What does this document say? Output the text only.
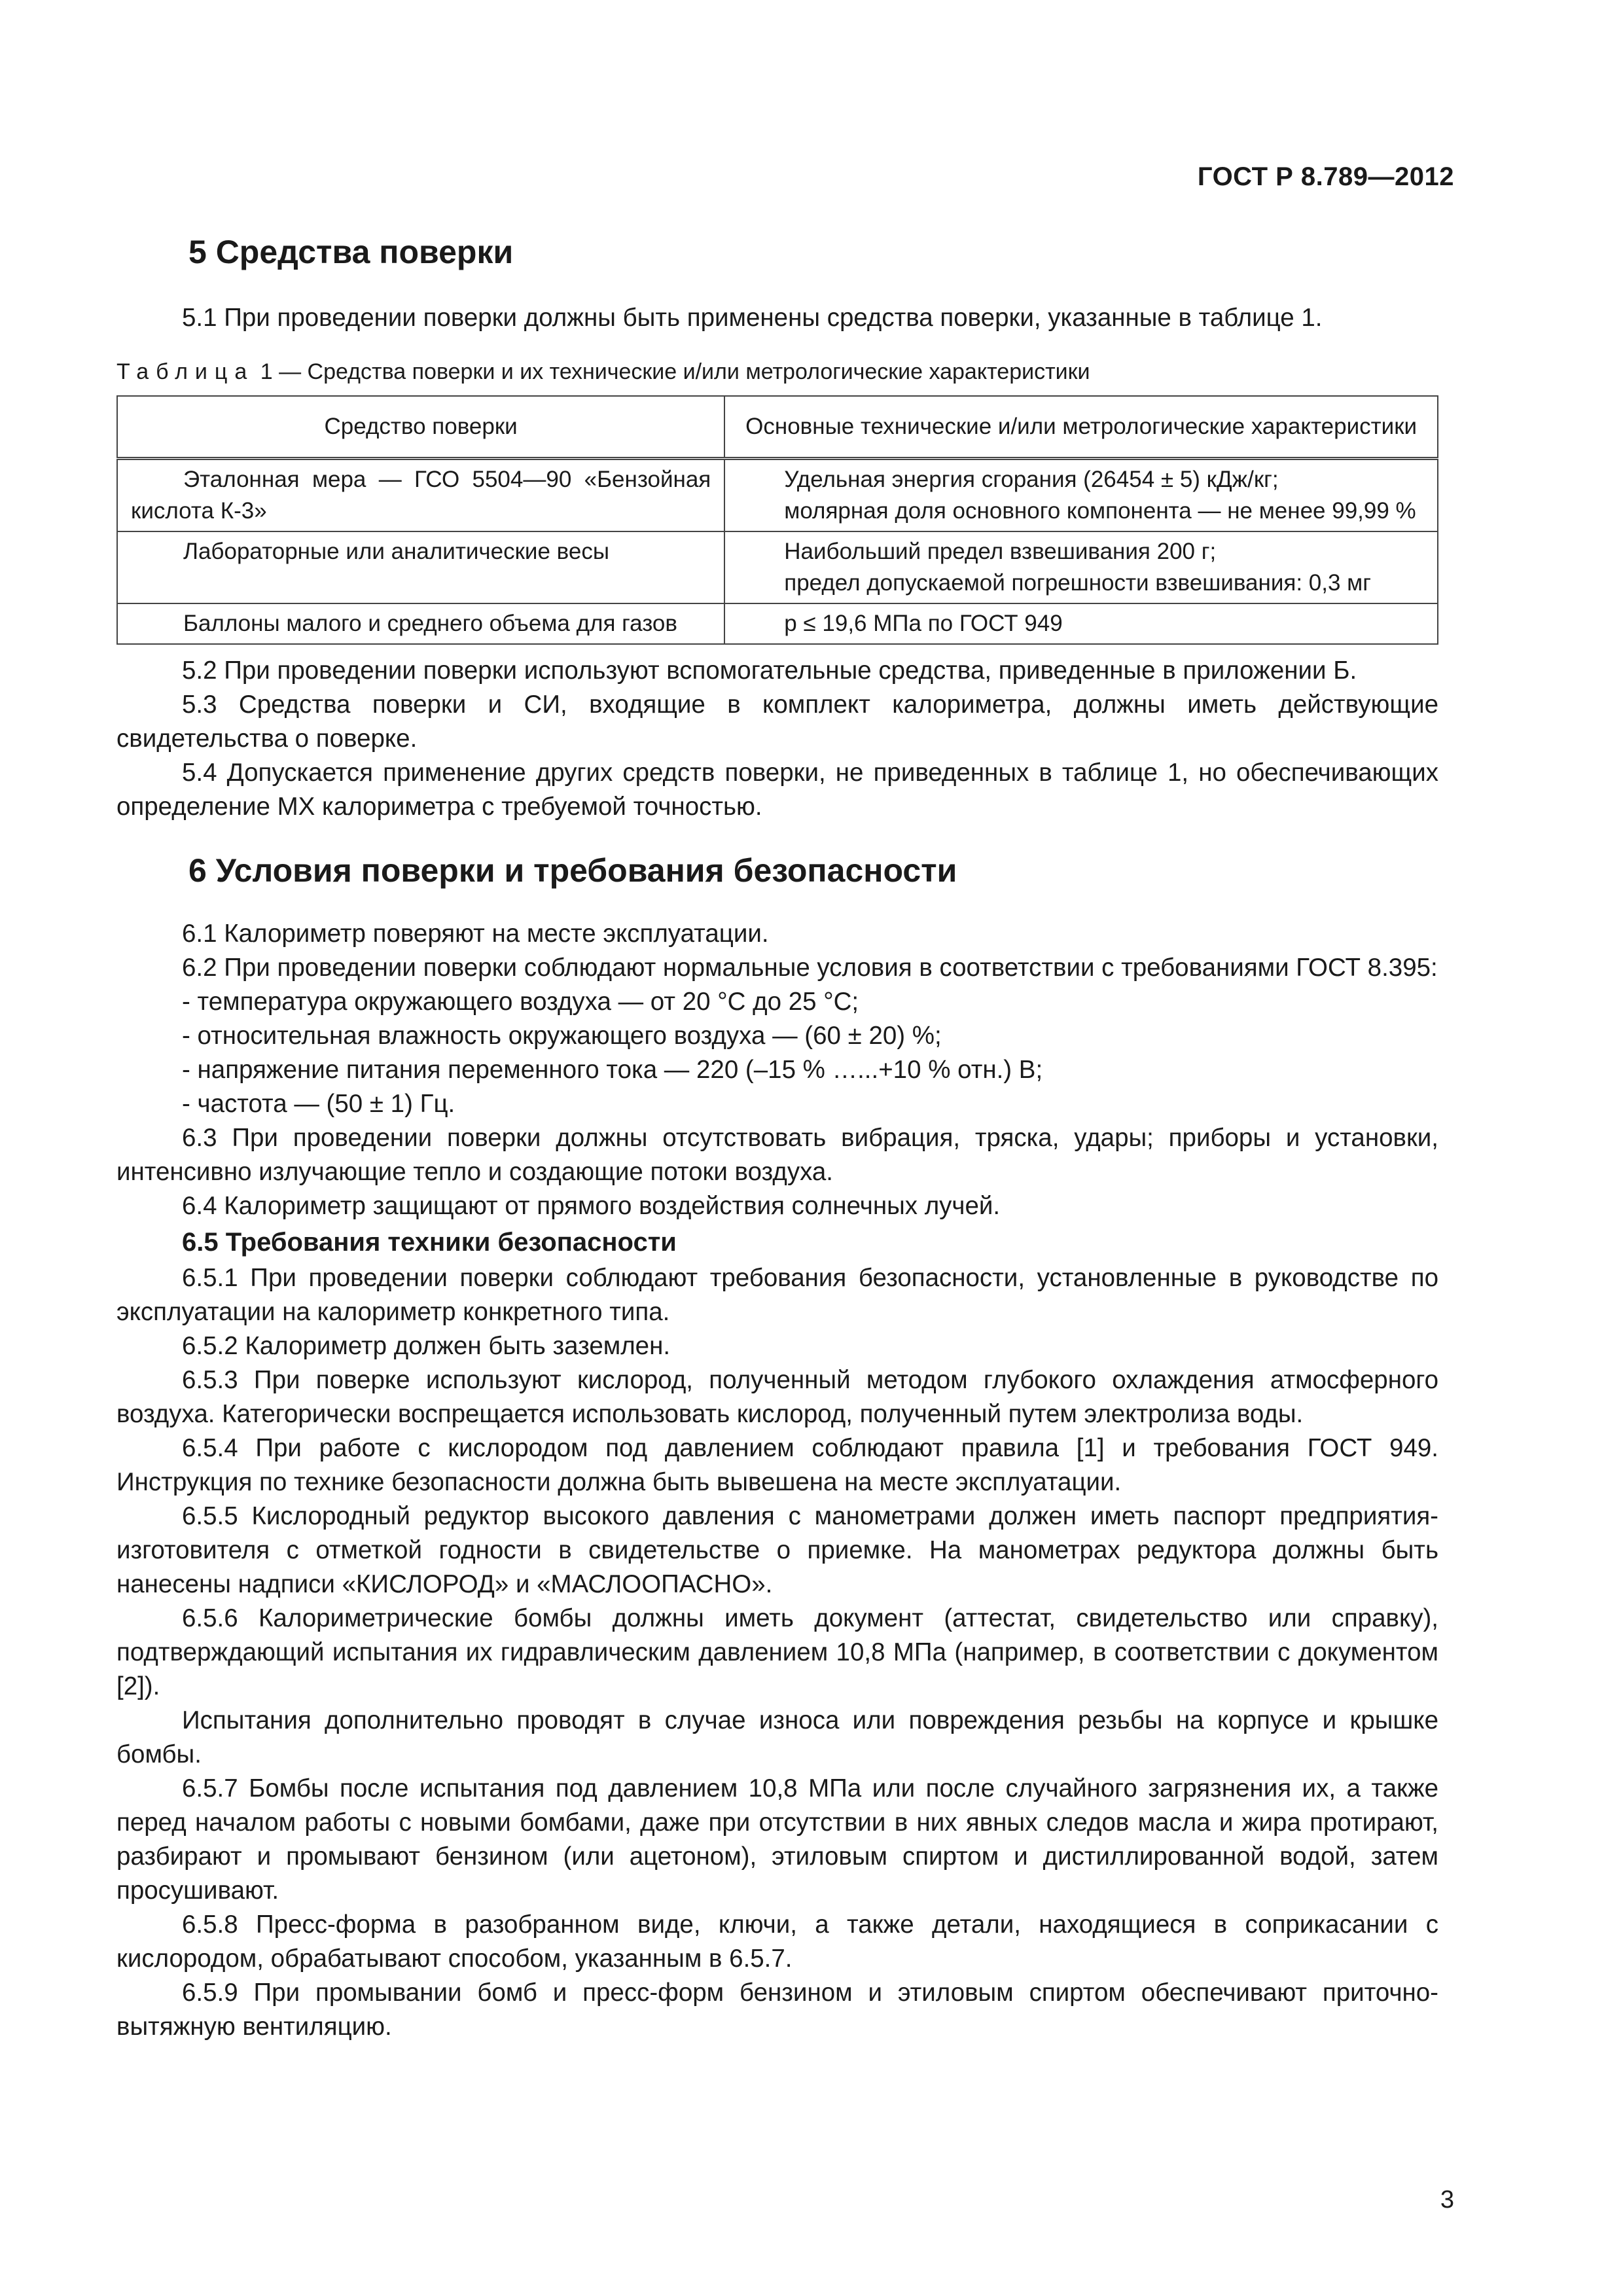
ГОСТ Р 8.789—2012
5 Средства поверки

5.1 При проведении поверки должны быть применены средства поверки, указанные в таблице 1.

Таблица 1 — Средства поверки и их технические и/или метрологические характеристики

Средство поверки	Основные технические и/или метрологические характеристики
Эталонная мера — ГСО 5504—90 «Бензойная кислота К-3»	Удельная энергия сгорания (26454 ± 5) кДж/кг;
молярная доля основного компонента — не менее 99,99 %

Лабораторные или аналитические весы	Наибольший предел взвешивания 200 г;
предел допускаемой погрешности взвешивания: 0,3 мг

Баллоны малого и среднего объема для газов	p ≤ 19,6 МПа по ГОСТ 949

5.2 При проведении поверки используют вспомогательные средства, приведенные в приложении Б.

5.3 Средства поверки и СИ, входящие в комплект калориметра, должны иметь действующие свидетельства о поверке.

5.4 Допускается применение других средств поверки, не приведенных в таблице 1, но обеспечивающих определение МХ калориметра с требуемой точностью.

6 Условия поверки и требования безопасности

6.1 Калориметр поверяют на месте эксплуатации.

6.2 При проведении поверки соблюдают нормальные условия в соответствии с требованиями ГОСТ 8.395:

- температура окружающего воздуха — от 20 °С до 25 °С;
- относительная влажность окружающего воздуха — (60 ± 20) %;
- напряжение питания переменного тока — 220 (–15 % …...+10 % отн.) В;
- частота — (50 ± 1) Гц.

6.3 При проведении поверки должны отсутствовать вибрация, тряска, удары; приборы и установки, интенсивно излучающие тепло и создающие потоки воздуха.

6.4 Калориметр защищают от прямого воздействия солнечных лучей.

6.5 Требования техники безопасности

6.5.1 При проведении поверки соблюдают требования безопасности, установленные в руководстве по эксплуатации на калориметр конкретного типа.

6.5.2 Калориметр должен быть заземлен.

6.5.3 При поверке используют кислород, полученный методом глубокого охлаждения атмосферного воздуха. Категорически воспрещается использовать кислород, полученный путем электролиза воды.

6.5.4 При работе с кислородом под давлением соблюдают правила [1] и требования ГОСТ 949. Инструкция по технике безопасности должна быть вывешена на месте эксплуатации.

6.5.5 Кислородный редуктор высокого давления с манометрами должен иметь паспорт предприятия-изготовителя с отметкой годности в свидетельстве о приемке. На манометрах редуктора должны быть нанесены надписи «КИСЛОРОД» и «МАСЛООПАСНО».

6.5.6 Калориметрические бомбы должны иметь документ (аттестат, свидетельство или справку), подтверждающий испытания их гидравлическим давлением 10,8 МПа (например, в соответствии с документом [2]).

Испытания дополнительно проводят в случае износа или повреждения резьбы на корпусе и крышке бомбы.

6.5.7 Бомбы после испытания под давлением 10,8 МПа или после случайного загрязнения их, а также перед началом работы с новыми бомбами, даже при отсутствии в них явных следов масла и жира протирают, разбирают и промывают бензином (или ацетоном), этиловым спиртом и дистиллированной водой, затем просушивают.

6.5.8 Пресс-форма в разобранном виде, ключи, а также детали, находящиеся в соприкасании с кислородом, обрабатывают способом, указанным в 6.5.7.

6.5.9 При промывании бомб и пресс-форм бензином и этиловым спиртом обеспечивают приточно-вытяжную вентиляцию.

3
